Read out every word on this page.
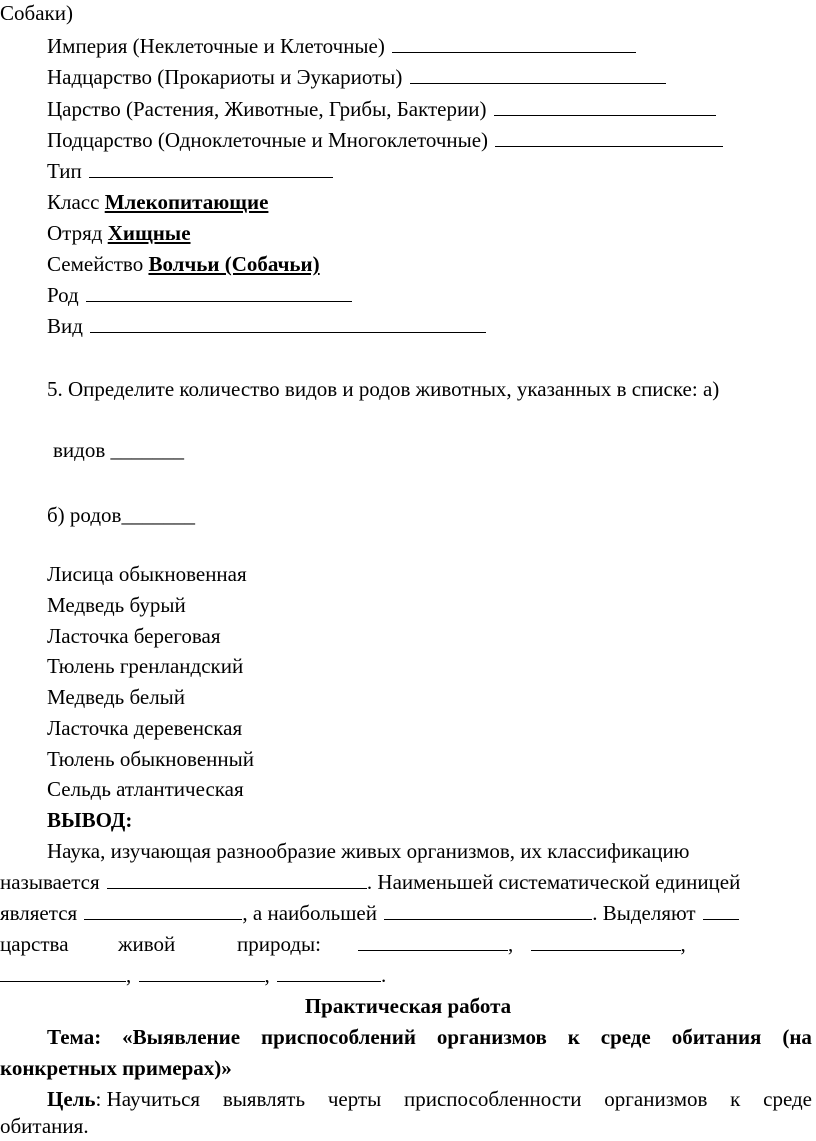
Собаки)
Империя (Неклеточные и Клеточные)
Надцарство (Прокариоты и Эукариоты)
Царство (Растения, Животные, Грибы, Бактерии)
Подцарство (Одноклеточные и Многоклеточные)
Тип
Класс Млекопитающие
Отряд Хищные
Семейство Волчьи (Собачьи)
Род
Вид
5. Определите количество видов и родов животных, указанных в списке: а)
видов _______
б) родов_______
Лисица обыкновенная
Медведь бурый
Ласточка береговая
Тюлень гренландский
Медведь белый
Ласточка деревенская
Тюлень обыкновенный
Сельдь атлантическая
ВЫВОД:
Наука, изучающая разнообразие живых организмов, их классификацию
называется	. Наименьшей систематической единицей
является	, а наибольшей	. Выделяют
царства живой	природы:	,	,
,	,	.
Практическая работа
Тема: «Выявление приспособлений организмов к среде обитания (на
конкретных примерах)»
Цель: Научиться выявлять черты приспособленности организмов к среде
обитания.
